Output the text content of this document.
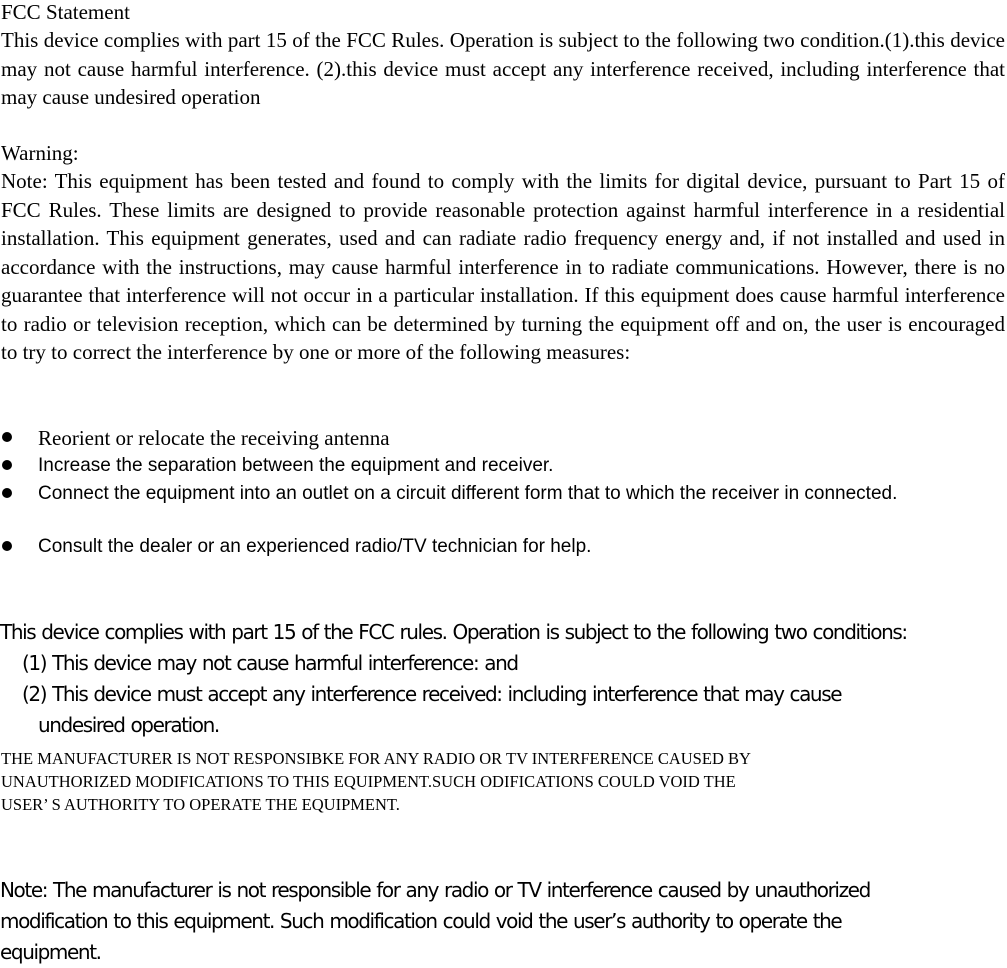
FCC Statement

This device complies with part 15 of the FCC Rules. Operation is subject to the following two condition.(1).this device may not cause harmful interference. (2).this device must accept any interference received, including interference that may cause undesired operation

Warning:

Note: This equipment has been tested and found to comply with the limits for digital device, pursuant to Part 15 of FCC Rules. These limits are designed to provide reasonable protection against harmful interference in a residential installation. This equipment generates, used and can radiate radio frequency energy and, if not installed and used in accordance with the instructions, may cause harmful interference in to radiate communications. However, there is no guarantee that interference will not occur in a particular installation. If this equipment does cause harmful interference to radio or television reception, which can be determined by turning the equipment off and on, the user is encouraged to try to correct the interference by one or more of the following measures:

Reorient or relocate the receiving antenna
Increase the separation between the equipment and receiver.
Connect the equipment into an outlet on a circuit different form that to which the receiver in connected.
Consult the dealer or an experienced radio/TV technician for help.
This device complies with part 15 of the FCC rules. Operation is subject to the following two conditions:
(1) This device may not cause harmful interference: and
(2) This device must accept any interference received: including interference that may cause
undesired operation.
THE MANUFACTURER IS NOT RESPONSIBKE FOR ANY RADIO OR TV INTERFERENCE CAUSED BY
UNAUTHORIZED MODIFICATIONS TO THIS EQUIPMENT.SUCH ODIFICATIONS COULD VOID THE
USER’ S AUTHORITY TO OPERATE THE EQUIPMENT.
Note: The manufacturer is not responsible for any radio or TV interference caused by unauthorized
modification to this equipment. Such modification could void the user’s authority to operate the
equipment.
